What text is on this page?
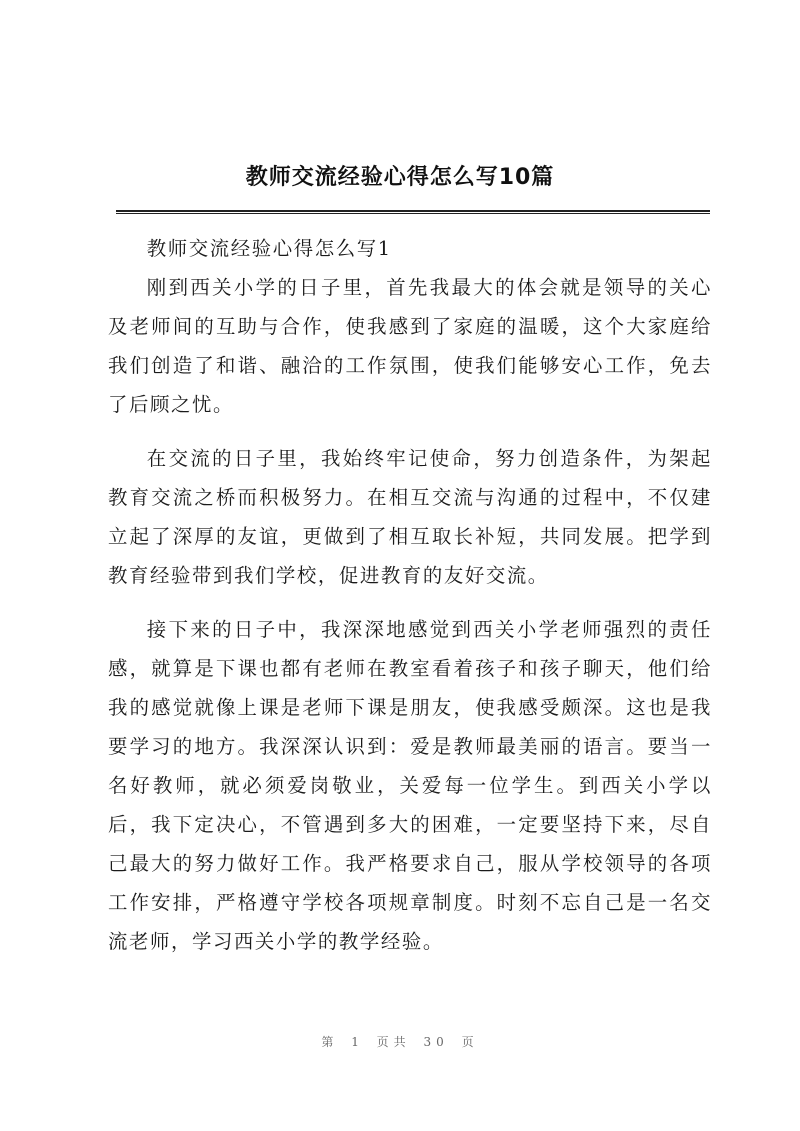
教师交流经验心得怎么写10篇

教师交流经验心得怎么写1

刚到西关小学的日子里，首先我最大的体会就是领导的关心及老师间的互助与合作，使我感到了家庭的温暖，这个大家庭给我们创造了和谐、融洽的工作氛围，使我们能够安心工作，免去了后顾之忧。

在交流的日子里，我始终牢记使命，努力创造条件，为架起教育交流之桥而积极努力。在相互交流与沟通的过程中，不仅建立起了深厚的友谊，更做到了相互取长补短，共同发展。把学到教育经验带到我们学校，促进教育的友好交流。

接下来的日子中，我深深地感觉到西关小学老师强烈的责任感，就算是下课也都有老师在教室看着孩子和孩子聊天，他们给我的感觉就像上课是老师下课是朋友，使我感受颇深。这也是我要学习的地方。我深深认识到：爱是教师最美丽的语言。要当一名好教师，就必须爱岗敬业，关爱每一位学生。到西关小学以后，我下定决心，不管遇到多大的困难，一定要坚持下来，尽自己最大的努力做好工作。我严格要求自己，服从学校领导的各项工作安排，严格遵守学校各项规章制度。时刻不忘自己是一名交流老师，学习西关小学的教学经验。

第 1 页共 30 页
